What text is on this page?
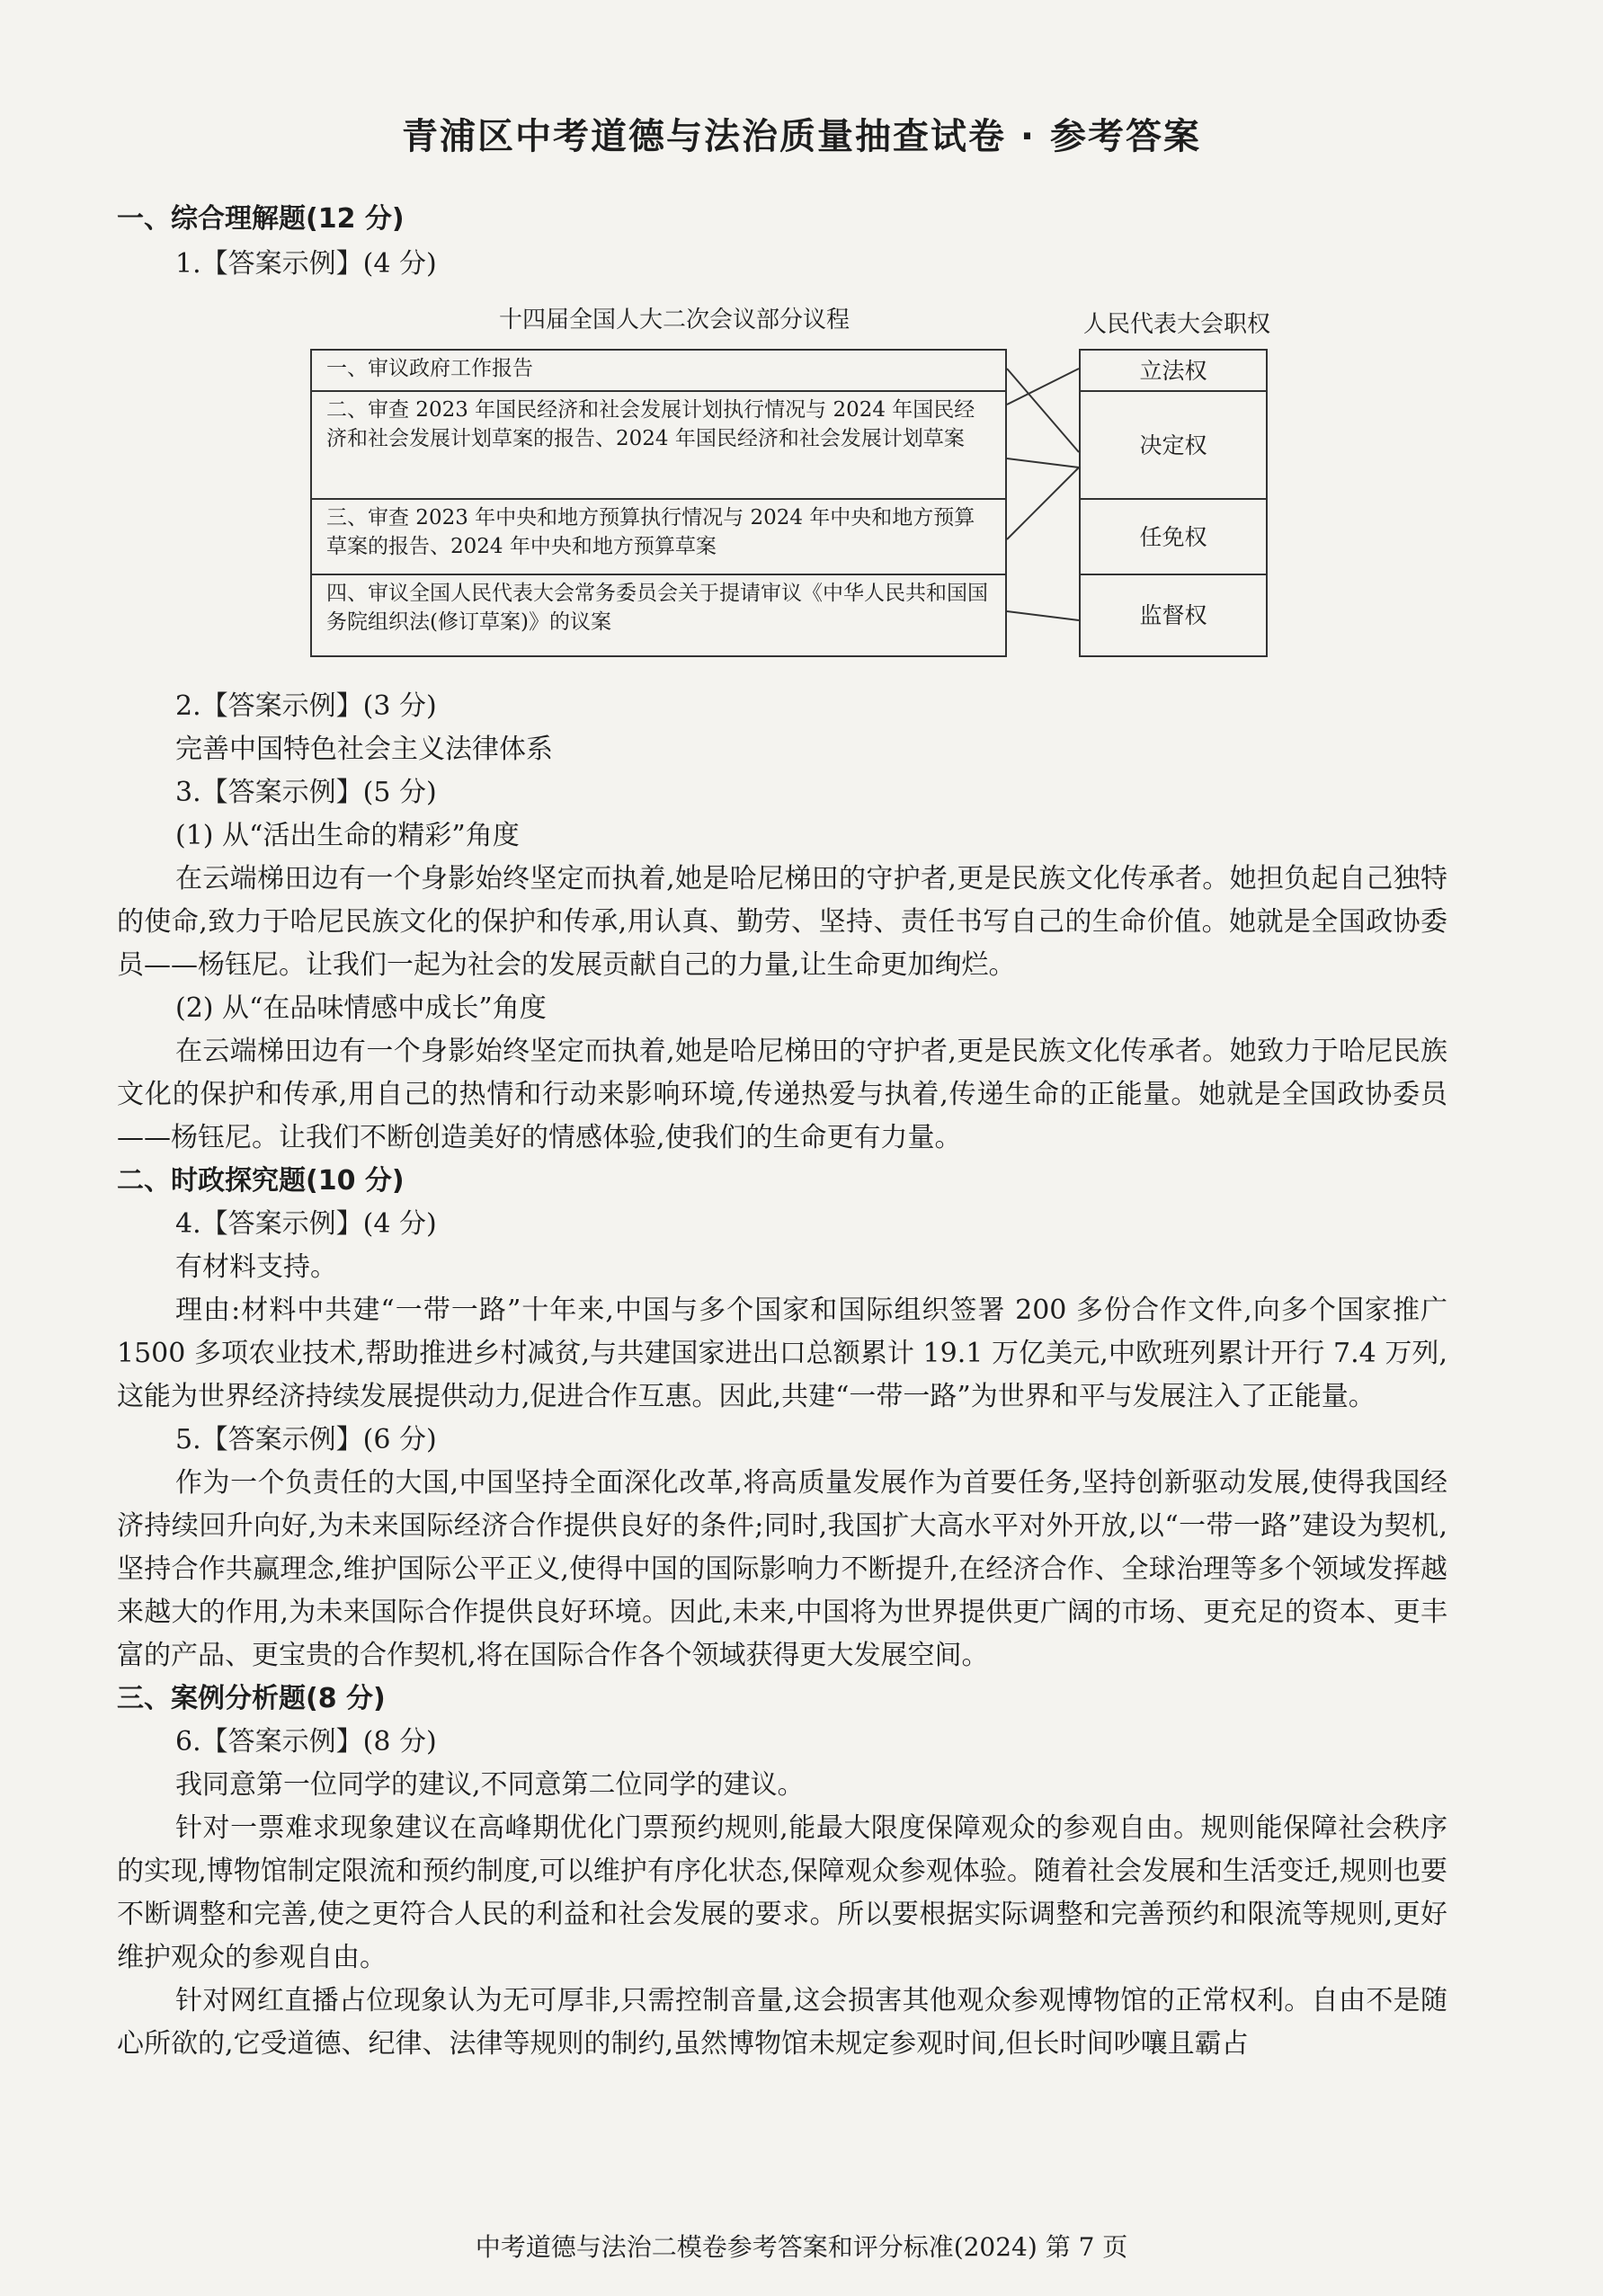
青浦区中考道德与法治质量抽查试卷 · 参考答案
一、综合理解题(12 分)
1.【答案示例】(4 分)
十四届全国人大二次会议部分议程	人民代表大会职权
一、审议政府工作报告
二、审查 2023 年国民经济和社会发展计划执行情况与 2024 年国民经济和社会发展计划草案的报告、2024 年国民经济和社会发展计划草案
三、审查 2023 年中央和地方预算执行情况与 2024 年中央和地方预算草案的报告、2024 年中央和地方预算草案
四、审议全国人民代表大会常务委员会关于提请审议《中华人民共和国国务院组织法(修订草案)》的议案
立法权
决定权
任免权
监督权
2.【答案示例】(3 分)
完善中国特色社会主义法律体系
3.【答案示例】(5 分)
(1) 从“活出生命的精彩”角度
在云端梯田边有一个身影始终坚定而执着,她是哈尼梯田的守护者,更是民族文化传承者。她担负起自己独特的使命,致力于哈尼民族文化的保护和传承,用认真、勤劳、坚持、责任书写自己的生命价值。她就是全国政协委员——杨钰尼。让我们一起为社会的发展贡献自己的力量,让生命更加绚烂。
(2) 从“在品味情感中成长”角度
在云端梯田边有一个身影始终坚定而执着,她是哈尼梯田的守护者,更是民族文化传承者。她致力于哈尼民族文化的保护和传承,用自己的热情和行动来影响环境,传递热爱与执着,传递生命的正能量。她就是全国政协委员——杨钰尼。让我们不断创造美好的情感体验,使我们的生命更有力量。
二、时政探究题(10 分)
4.【答案示例】(4 分)
有材料支持。
理由:材料中共建“一带一路”十年来,中国与多个国家和国际组织签署 200 多份合作文件,向多个国家推广 1500 多项农业技术,帮助推进乡村减贫,与共建国家进出口总额累计 19.1 万亿美元,中欧班列累计开行 7.4 万列,这能为世界经济持续发展提供动力,促进合作互惠。因此,共建“一带一路”为世界和平与发展注入了正能量。
5.【答案示例】(6 分)
作为一个负责任的大国,中国坚持全面深化改革,将高质量发展作为首要任务,坚持创新驱动发展,使得我国经济持续回升向好,为未来国际经济合作提供良好的条件;同时,我国扩大高水平对外开放,以“一带一路”建设为契机,坚持合作共赢理念,维护国际公平正义,使得中国的国际影响力不断提升,在经济合作、全球治理等多个领域发挥越来越大的作用,为未来国际合作提供良好环境。因此,未来,中国将为世界提供更广阔的市场、更充足的资本、更丰富的产品、更宝贵的合作契机,将在国际合作各个领域获得更大发展空间。
三、案例分析题(8 分)
6.【答案示例】(8 分)
我同意第一位同学的建议,不同意第二位同学的建议。
针对一票难求现象建议在高峰期优化门票预约规则,能最大限度保障观众的参观自由。规则能保障社会秩序的实现,博物馆制定限流和预约制度,可以维护有序化状态,保障观众参观体验。随着社会发展和生活变迁,规则也要不断调整和完善,使之更符合人民的利益和社会发展的要求。所以要根据实际调整和完善预约和限流等规则,更好维护观众的参观自由。
针对网红直播占位现象认为无可厚非,只需控制音量,这会损害其他观众参观博物馆的正常权利。自由不是随心所欲的,它受道德、纪律、法律等规则的制约,虽然博物馆未规定参观时间,但长时间吵嚷且霸占
中考道德与法治二模卷参考答案和评分标准(2024) 第 7 页
